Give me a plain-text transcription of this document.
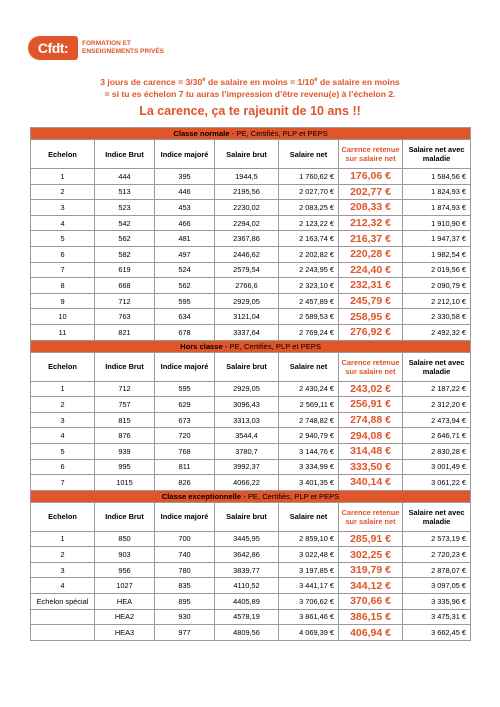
Cfdt:	FORMATION ET
ENSEIGNEMENTS PRIVÉS
3 jours de carence = $3/30^e$ de salaire en moins = $1/10^e$ de salaire en moins
= si tu es échelon 7 tu auras l’impression d’être revenu(e) à l’échelon 2.
La carence, ça te rajeunit de 10 ans !!
Classe normale - PE, Certifiés, PLP et PEPS						
Echelon	Indice Brut	Indice majoré	Salaire brut	Salaire net	Carence retenue sur salaire net	Salaire net avec maladie
1	444	395	1944,5	1 760,62 €	176,06 €	1 584,56 €
2	513	446	2195,56	2 027,70 €	202,77 €	1 824,93 €
3	523	453	2230,02	2 083,25 €	208,33 €	1 874,93 €
4	542	466	2294,02	2 123,22 €	212,32 €	1 910,90 €
5	562	481	2367,86	2 163,74 €	216,37 €	1 947,37 €
6	582	497	2446,62	2 202,82 €	220,28 €	1 982,54 €
7	619	524	2579,54	2 243,95 €	224,40 €	2 019,56 €
8	668	562	2766,6	2 323,10 €	232,31 €	2 090,79 €
9	712	595	2929,05	2 457,89 €	245,79 €	2 212,10 €
10	763	634	3121,04	2 589,53 €	258,95 €	2 330,58 €
11	821	678	3337,64	2 769,24 €	276,92 €	2 492,32 €
Hors classe - PE, Certifiés, PLP et PEPS						
Echelon	Indice Brut	Indice majoré	Salaire brut	Salaire net	Carence retenue sur salaire net	Salaire net avec maladie
1	712	595	2929,05	2 430,24 €	243,02 €	2 187,22 €
2	757	629	3096,43	2 569,11 €	256,91 €	2 312,20 €
3	815	673	3313,03	2 748,82 €	274,88 €	2 473,94 €
4	876	720	3544,4	2 940,79 €	294,08 €	2 646,71 €
5	939	768	3780,7	3 144,76 €	314,48 €	2 830,28 €
6	995	811	3992,37	3 334,99 €	333,50 €	3 001,49 €
7	1015	826	4066,22	3 401,35 €	340,14 €	3 061,22 €
Classe exceptionnelle - PE, Certifiés, PLP et PEPS						
Echelon	Indice Brut	Indice majoré	Salaire brut	Salaire net	Carence retenue sur salaire net	Salaire net avec maladie
1	850	700	3445,95	2 859,10 €	285,91 €	2 573,19 €
2	903	740	3642,86	3 022,48 €	302,25 €	2 720,23 €
3	956	780	3839,77	3 197,85 €	319,79 €	2 878,07 €
4	1027	835	4110,52	3 441,17 €	344,12 €	3 097,05 €
Echelon spécial	HEA	895	4405,89	3 706,62 €	370,66 €	3 335,96 €
	HEA2	930	4578,19	3 861,46 €	386,15 €	3 475,31 €
	HEA3	977	4809,56	4 069,39 €	406,94 €	3 662,45 €
